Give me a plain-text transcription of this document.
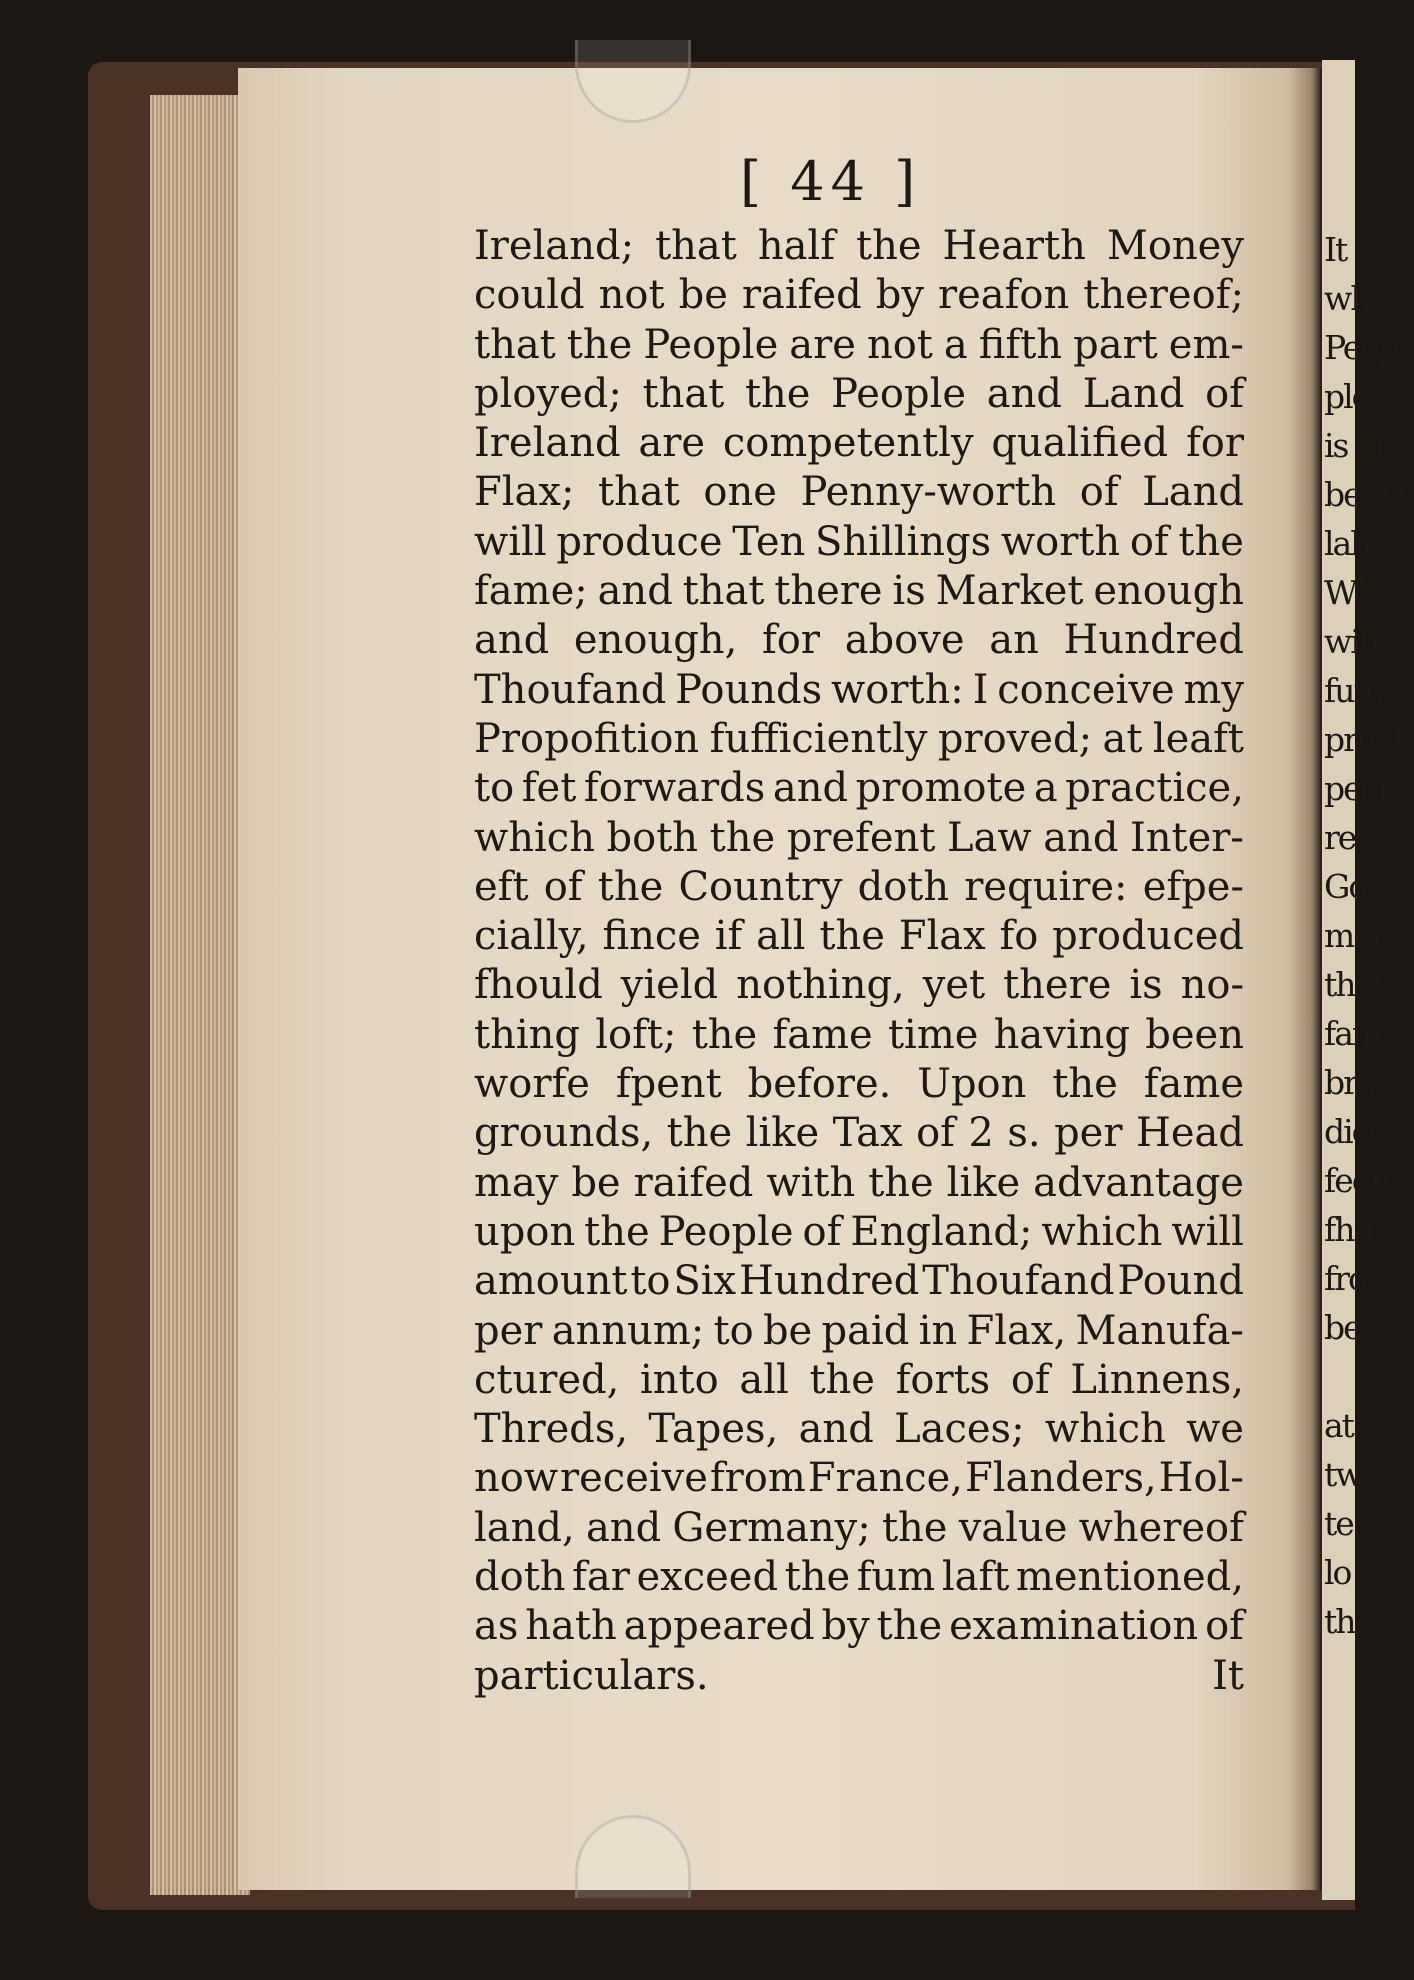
It
who
Peop
plen
is pr
be ha
labo
Whe
with
fuffi
prod
pect
reaf
Goo
mon
thei
fam
bru
dice
fequ
fho
fro
be
at
tw
te
lo
th
[ 44 ]
Ireland; that half the Hearth Money
could not be raifed by reafon thereof;
that the People are not a fifth part em-
ployed; that the People and Land of
Ireland are competently qualified for
Flax; that one Penny-worth of Land
will produce Ten Shillings worth of the
fame; and that there is Market enough
and enough, for above an Hundred
Thoufand Pounds worth: I conceive my
Propofition fufficiently proved; at leaft
to fet forwards and promote a practice,
which both the prefent Law and Inter-
eft of the Country doth require: efpe-
cially, fince if all the Flax fo produced
fhould yield nothing, yet there is no-
thing loft; the fame time having been
worfe fpent before. Upon the fame
grounds, the like Tax of 2 s. per Head
may be raifed with the like advantage
upon the People of England; which will
amount to Six Hundred Thoufand Pound
per annum; to be paid in Flax, Manufa-
ctured, into all the forts of Linnens,
Threds, Tapes, and Laces; which we
now receive from France, Flanders, Hol-
land, and Germany; the value whereof
doth far exceed the fum laft mentioned,
as hath appeared by the examination of
particulars.	It
